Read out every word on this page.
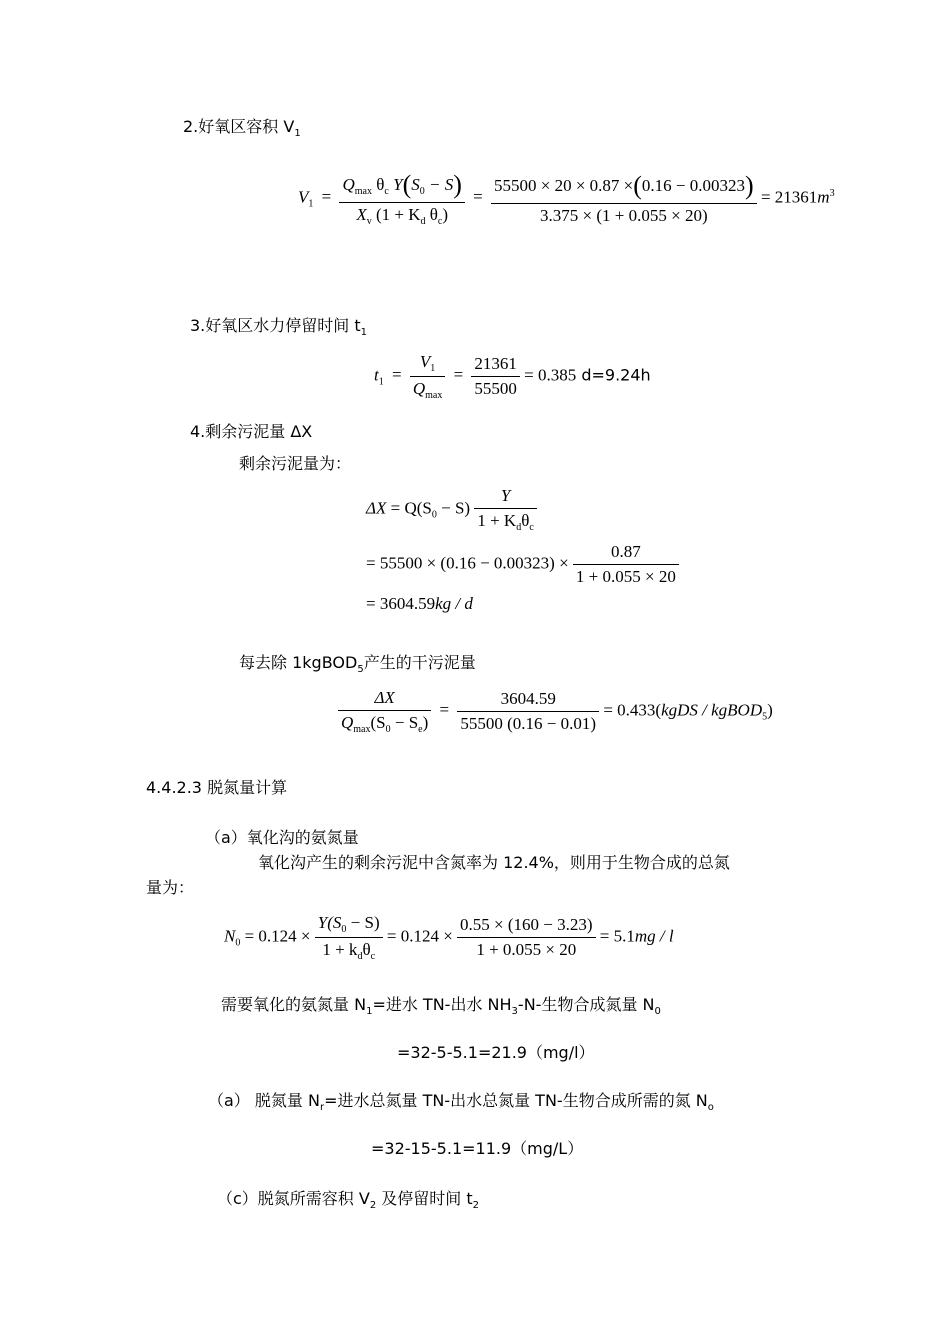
2.好氧区容积 $V_1$
$V_1 = \frac{Q_{max} \theta_c Y(S_0 - S)}{X_v (1 + K_d \theta_c)} = \frac{55500 \times 20 \times 0.87 \times(0.16 - 0.00323)}{3.375 \times (1 + 0.055 \times 20)} = 21361m^3$
3.好氧区水力停留时间 $t_1$
$t_1 = \frac{V_1}{Q_{max}} = \frac{21361}{55500} = 0.385$ d=9.24h
4.剩余污泥量 ΔX
剩余污泥量为：
$\Delta X = Q(S_0 - S) \frac{Y}{1 + K_d\theta_c}$
= $55500 \times (0.16 - 0.00323) \times \frac{0.87}{1 + 0.055 \times 20}$
= 3604.59kg / d
每去除 1kgBOD$_5$产生的干污泥量
$\frac{\Delta X}{Q_{max}(S_0 - S_e)} = \frac{3604.59}{55500 (0.16 - 0.01)}$ = 0.433(kgDS / kgBOD$_5$)
4.4.2.3 脱氮量计算
（a）氧化沟的氨氮量
氧化沟产生的剩余污泥中含氮率为 12.4%，则用于生物合成的总氮
量为：
$N_0 = 0.124 \times \frac{Y(S_0 - S)}{1 + k_d\theta_c} = 0.124 \times \frac{0.55 \times (160 - 3.23)}{1 + 0.055 \times 20} = 5.1mg / l$
需要氧化的氨氮量 $N_1=$进水 TN-出水 $NH_3-N-$生物合成氮量 $N_0$
=32-5-5.1=21.9（mg/l）
（a） 脱氮量 $N_r=$进水总氮量 TN-出水总氮量 TN-生物合成所需的氮 $N_o$
=32-15-5.1=11.9（mg/L）
（c）脱氮所需容积 $V_2$ 及停留时间 $t_2$
